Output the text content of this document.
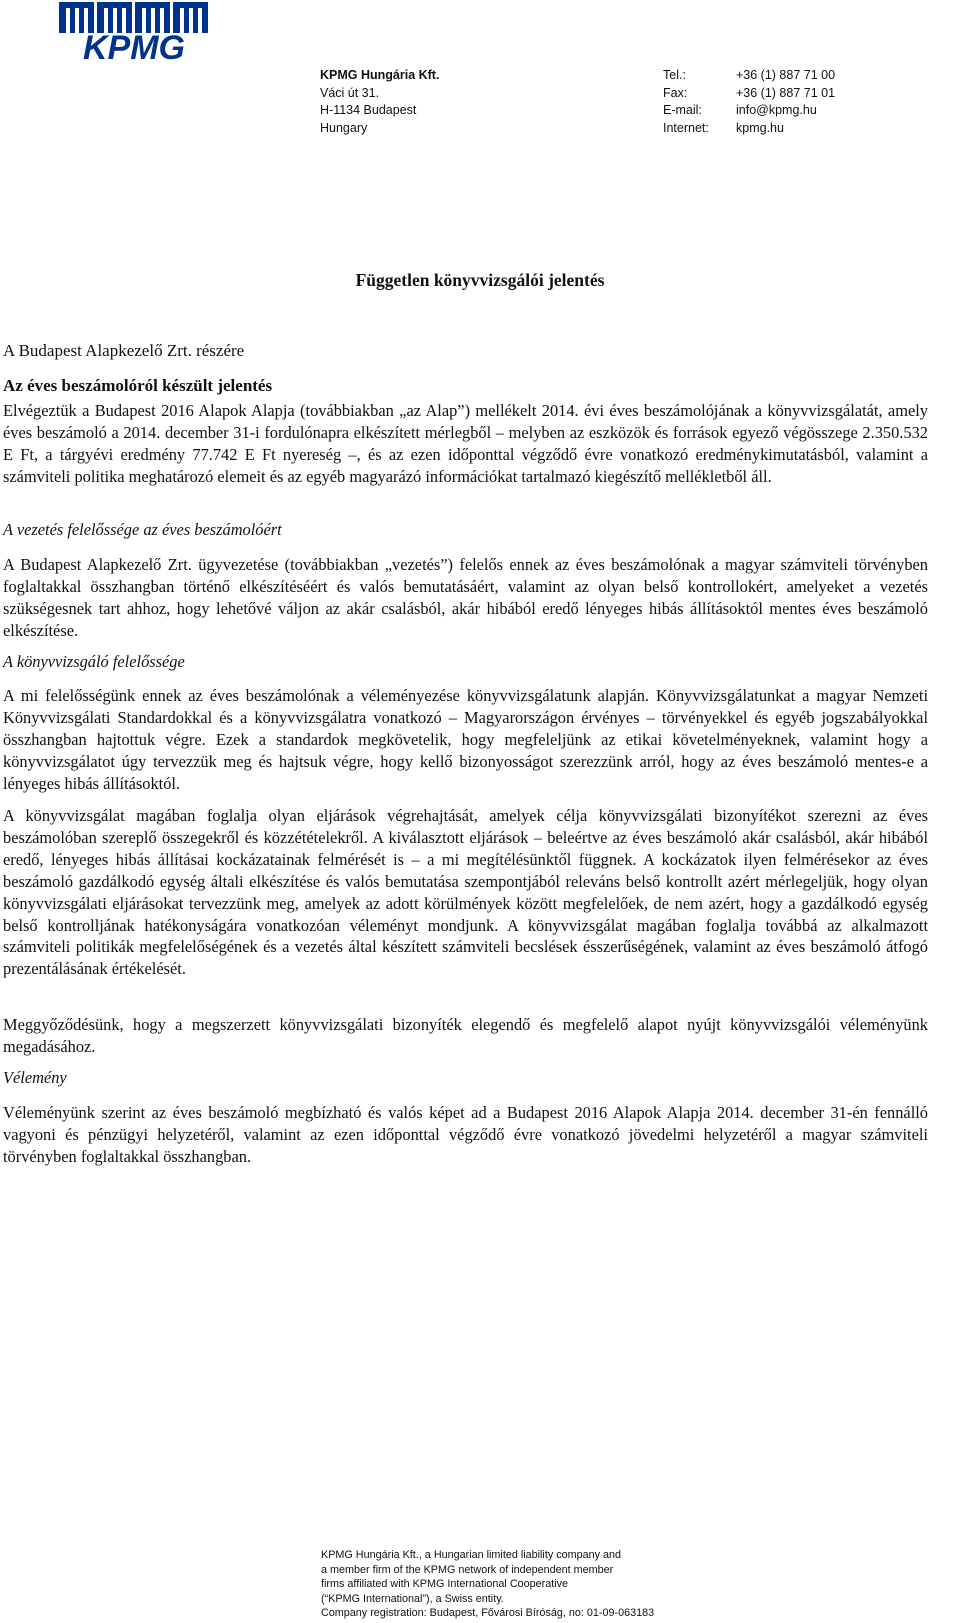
KPMG
KPMG Hungária Kft.
Váci út 31.
H-1134 Budapest
Hungary
Tel.:
Fax:
E-mail:
Internet:
+36 (1) 887 71 00
+36 (1) 887 71 01
info@kpmg.hu
kpmg.hu
Független könyvvizsgálói jelentés
A Budapest Alapkezelő Zrt. részére
Az éves beszámolóról készült jelentés

Elvégeztük a Budapest 2016 Alapok Alapja (továbbiakban „az Alap”) mellékelt 2014. évi éves beszámolójának a könyvvizsgálatát, amely éves beszámoló a 2014. december 31-i fordulónapra elkészített mérlegből – melyben az eszközök és források egyező végösszege 2.350.532 E Ft, a tárgyévi eredmény 77.742 E Ft nyereség –, és az ezen időponttal végződő évre vonatkozó eredménykimutatásból, valamint a számviteli politika meghatározó elemeit és az egyéb magyarázó információkat tartalmazó kiegészítő mellékletből áll.

A vezetés felelőssége az éves beszámolóért

A Budapest Alapkezelő Zrt. ügyvezetése (továbbiakban „vezetés”) felelős ennek az éves beszámolónak a magyar számviteli törvényben foglaltakkal összhangban történő elkészítéséért és valós bemutatásáért, valamint az olyan belső kontrollokért, amelyeket a vezetés szükségesnek tart ahhoz, hogy lehetővé váljon az akár csalásból, akár hibából eredő lényeges hibás állításoktól mentes éves beszámoló elkészítése.

A könyvvizsgáló felelőssége

A mi felelősségünk ennek az éves beszámolónak a véleményezése könyvvizsgálatunk alapján. Könyvvizsgálatunkat a magyar Nemzeti Könyvvizsgálati Standardokkal és a könyvvizsgálatra vonatkozó – Magyarországon érvényes – törvényekkel és egyéb jogszabályokkal összhangban hajtottuk végre. Ezek a standardok megkövetelik, hogy megfeleljünk az etikai követelményeknek, valamint hogy a könyvvizsgálatot úgy tervezzük meg és hajtsuk végre, hogy kellő bizonyosságot szerezzünk arról, hogy az éves beszámoló mentes-e a lényeges hibás állításoktól.

A könyvvizsgálat magában foglalja olyan eljárások végrehajtását, amelyek célja könyvvizsgálati bizonyítékot szerezni az éves beszámolóban szereplő összegekről és közzétételekről. A kiválasztott eljárások – beleértve az éves beszámoló akár csalásból, akár hibából eredő, lényeges hibás állításai kockázatainak felmérését is – a mi megítélésünktől függnek. A kockázatok ilyen felmérésekor az éves beszámoló gazdálkodó egység általi elkészítése és valós bemutatása szempontjából releváns belső kontrollt azért mérlegeljük, hogy olyan könyvvizsgálati eljárásokat tervezzünk meg, amelyek az adott körülmények között megfelelőek, de nem azért, hogy a gazdálkodó egység belső kontrolljának hatékonyságára vonatkozóan véleményt mondjunk. A könyvvizsgálat magában foglalja továbbá az alkalmazott számviteli politikák megfelelőségének és a vezetés által készített számviteli becslések ésszerűségének, valamint az éves beszámoló átfogó prezentálásának értékelését.

Meggyőződésünk, hogy a megszerzett könyvvizsgálati bizonyíték elegendő és megfelelő alapot nyújt könyvvizsgálói véleményünk megadásához.

Vélemény

Véleményünk szerint az éves beszámoló megbízható és valós képet ad a Budapest 2016 Alapok Alapja 2014. december 31-én fennálló vagyoni és pénzügyi helyzetéről, valamint az ezen időponttal végződő évre vonatkozó jövedelmi helyzetéről a magyar számviteli törvényben foglaltakkal összhangban.

KPMG Hungária Kft., a Hungarian limited liability company and
a member firm of the KPMG network of independent member
firms affiliated with KPMG International Cooperative
(“KPMG International”), a Swiss entity.
Company registration: Budapest, Fővárosi Bíróság, no: 01-09-063183
